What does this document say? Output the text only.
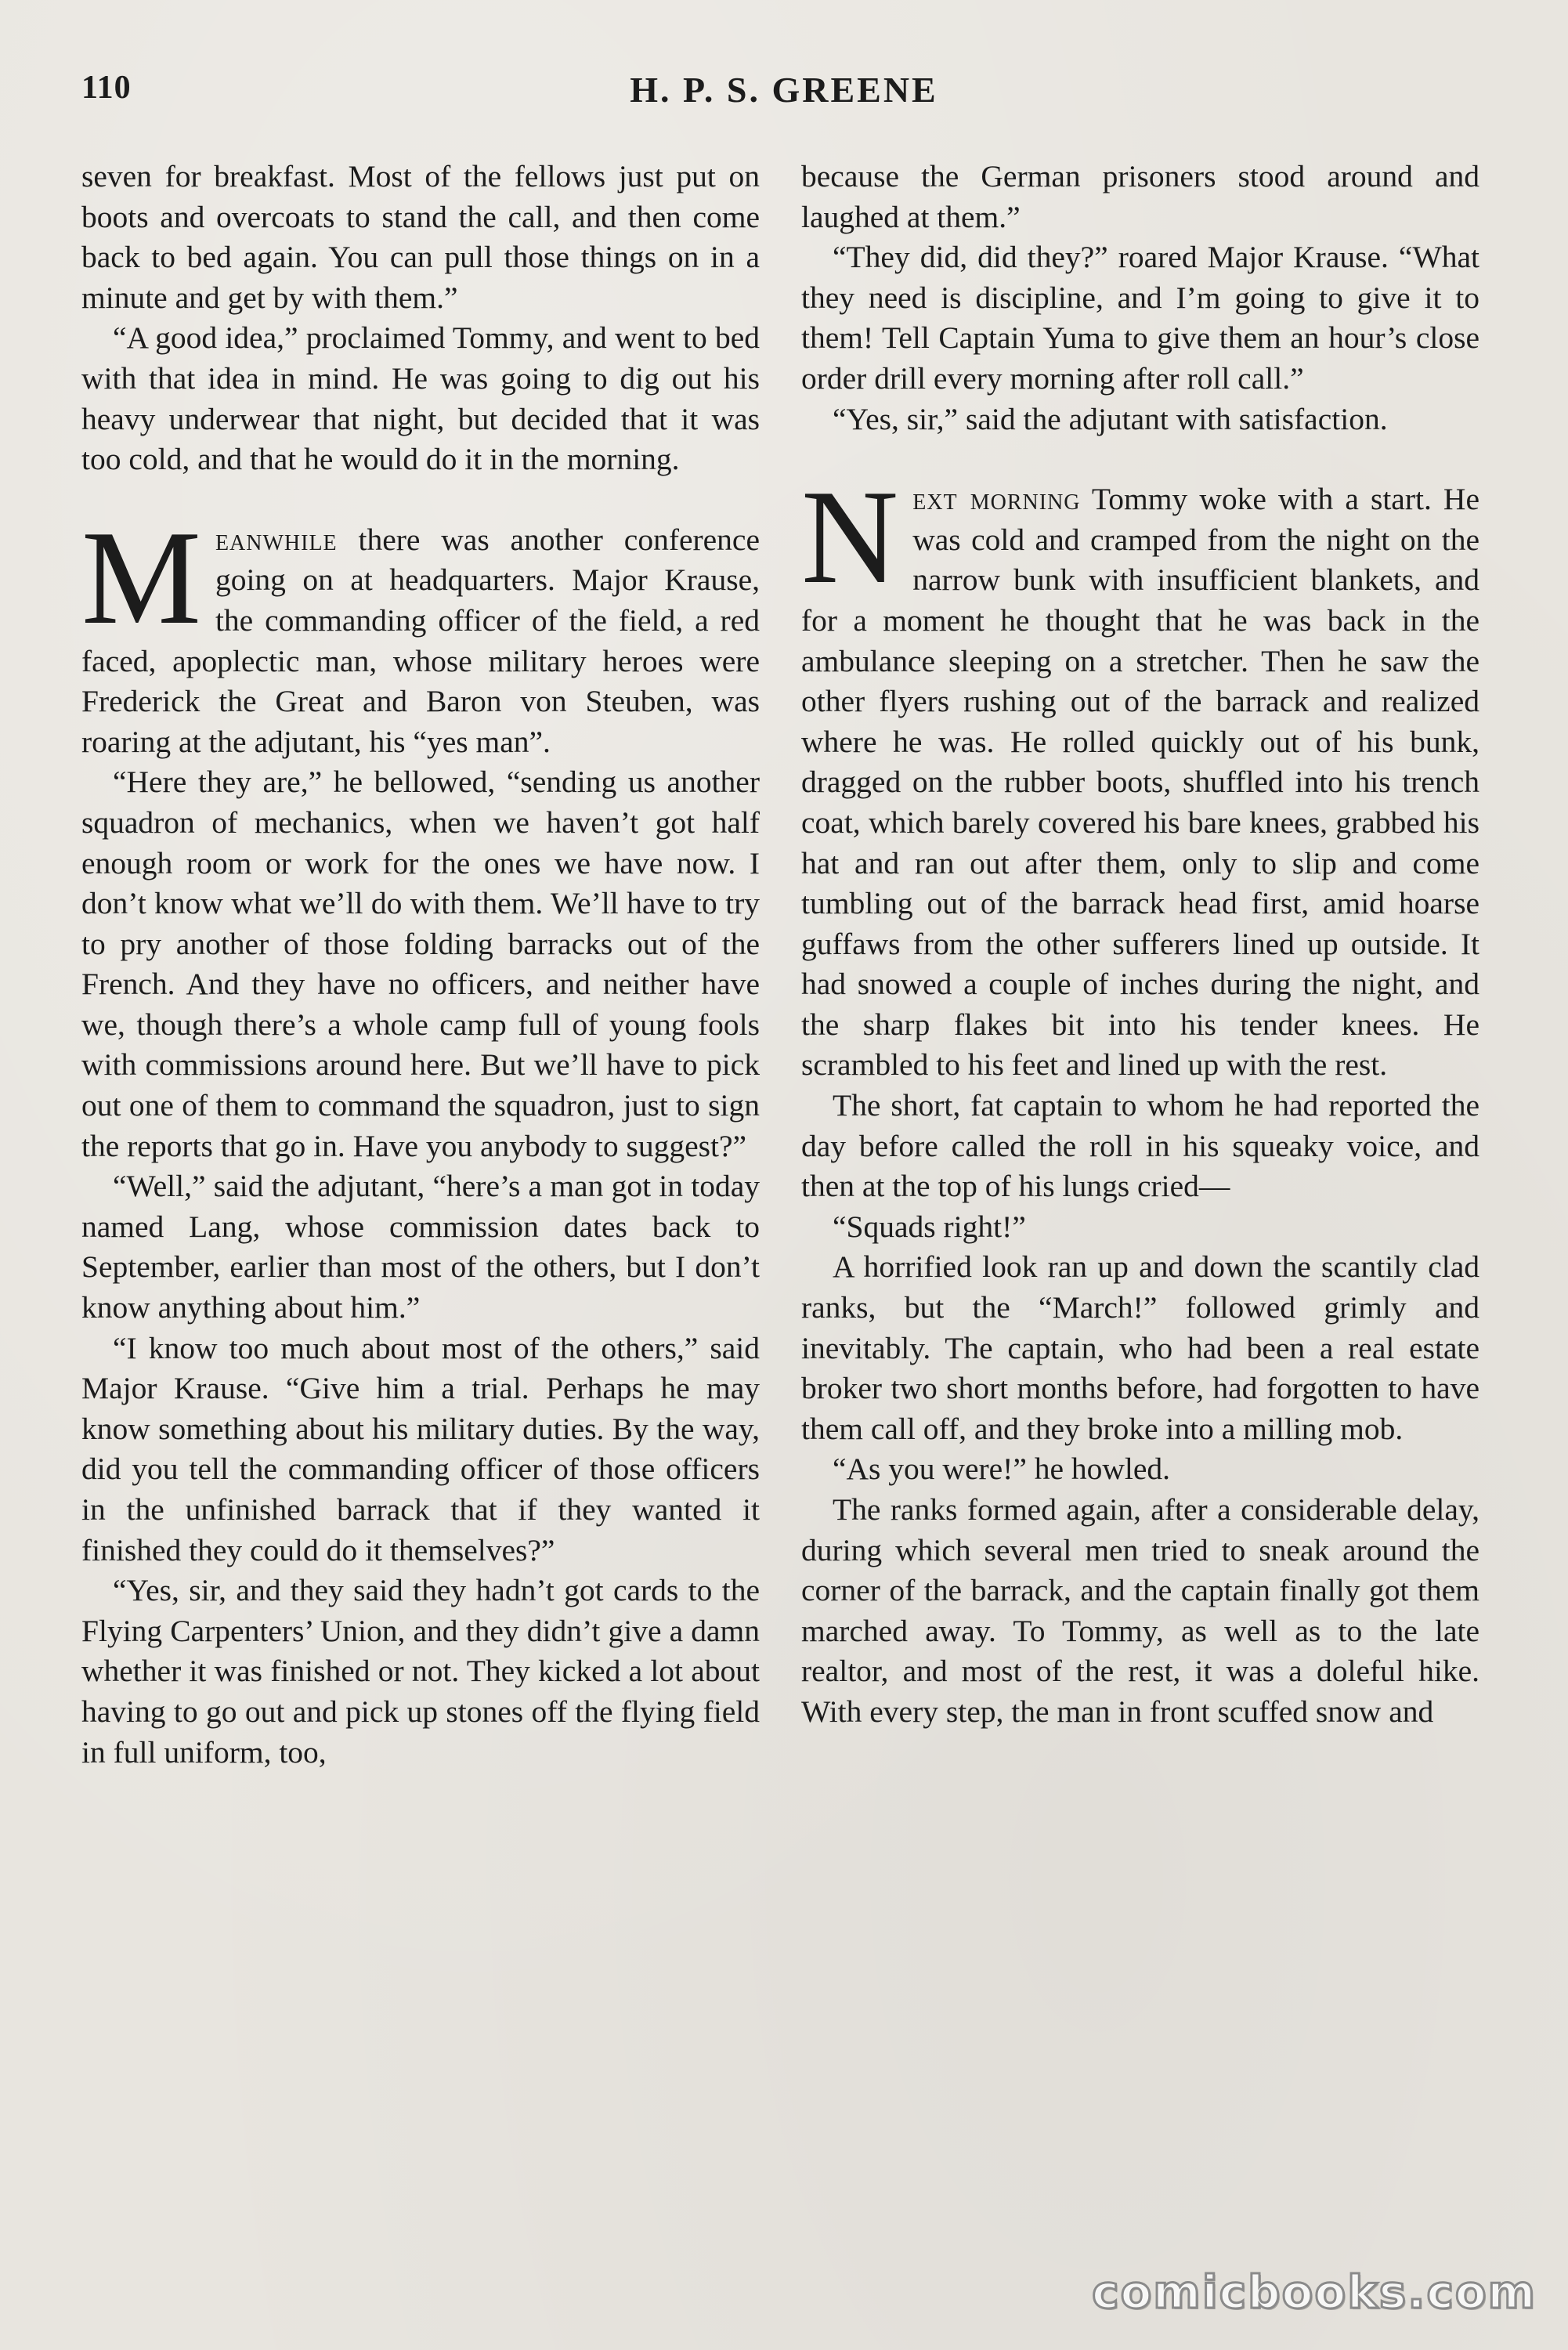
110	H. P. S. GREENE

seven for breakfast. Most of the fellows just put on boots and overcoats to stand the call, and then come back to bed again. You can pull those things on in a minute and get by with them.”

“A good idea,” proclaimed Tommy, and went to bed with that idea in mind. He was going to dig out his heavy underwear that night, but decided that it was too cold, and that he would do it in the morning.

Meanwhile there was another conference going on at headquarters. Major Krause, the commanding officer of the field, a red faced, apoplectic man, whose military heroes were Frederick the Great and Baron von Steuben, was roaring at the adjutant, his “yes man”.

“Here they are,” he bellowed, “sending us another squadron of mechanics, when we haven’t got half enough room or work for the ones we have now. I don’t know what we’ll do with them. We’ll have to try to pry another of those folding barracks out of the French. And they have no officers, and neither have we, though there’s a whole camp full of young fools with commissions around here. But we’ll have to pick out one of them to command the squadron, just to sign the reports that go in. Have you anybody to suggest?”

“Well,” said the adjutant, “here’s a man got in today named Lang, whose commission dates back to September, earlier than most of the others, but I don’t know anything about him.”

“I know too much about most of the others,” said Major Krause. “Give him a trial. Perhaps he may know something about his military duties. By the way, did you tell the commanding officer of those officers in the unfinished barrack that if they wanted it finished they could do it themselves?”

“Yes, sir, and they said they hadn’t got cards to the Flying Carpenters’ Union, and they didn’t give a damn whether it was finished or not. They kicked a lot about having to go out and pick up stones off the flying field in full uniform, too,

because the German prisoners stood around and laughed at them.”

“They did, did they?” roared Major Krause. “What they need is discipline, and I’m going to give it to them! Tell Captain Yuma to give them an hour’s close order drill every morning after roll call.”

“Yes, sir,” said the adjutant with satisfaction.

Next morning Tommy woke with a start. He was cold and cramped from the night on the narrow bunk with insufficient blankets, and for a moment he thought that he was back in the ambulance sleeping on a stretcher. Then he saw the other flyers rushing out of the barrack and realized where he was. He rolled quickly out of his bunk, dragged on the rubber boots, shuffled into his trench coat, which barely covered his bare knees, grabbed his hat and ran out after them, only to slip and come tumbling out of the barrack head first, amid hoarse guffaws from the other sufferers lined up outside. It had snowed a couple of inches during the night, and the sharp flakes bit into his tender knees. He scrambled to his feet and lined up with the rest.

The short, fat captain to whom he had reported the day before called the roll in his squeaky voice, and then at the top of his lungs cried—

“Squads right!”

A horrified look ran up and down the scantily clad ranks, but the “March!” followed grimly and inevitably. The captain, who had been a real estate broker two short months before, had forgotten to have them call off, and they broke into a milling mob.

“As you were!” he howled.

The ranks formed again, after a considerable delay, during which several men tried to sneak around the corner of the barrack, and the captain finally got them marched away. To Tommy, as well as to the late realtor, and most of the rest, it was a doleful hike. With every step, the man in front scuffed snow and

comicbooks.com
